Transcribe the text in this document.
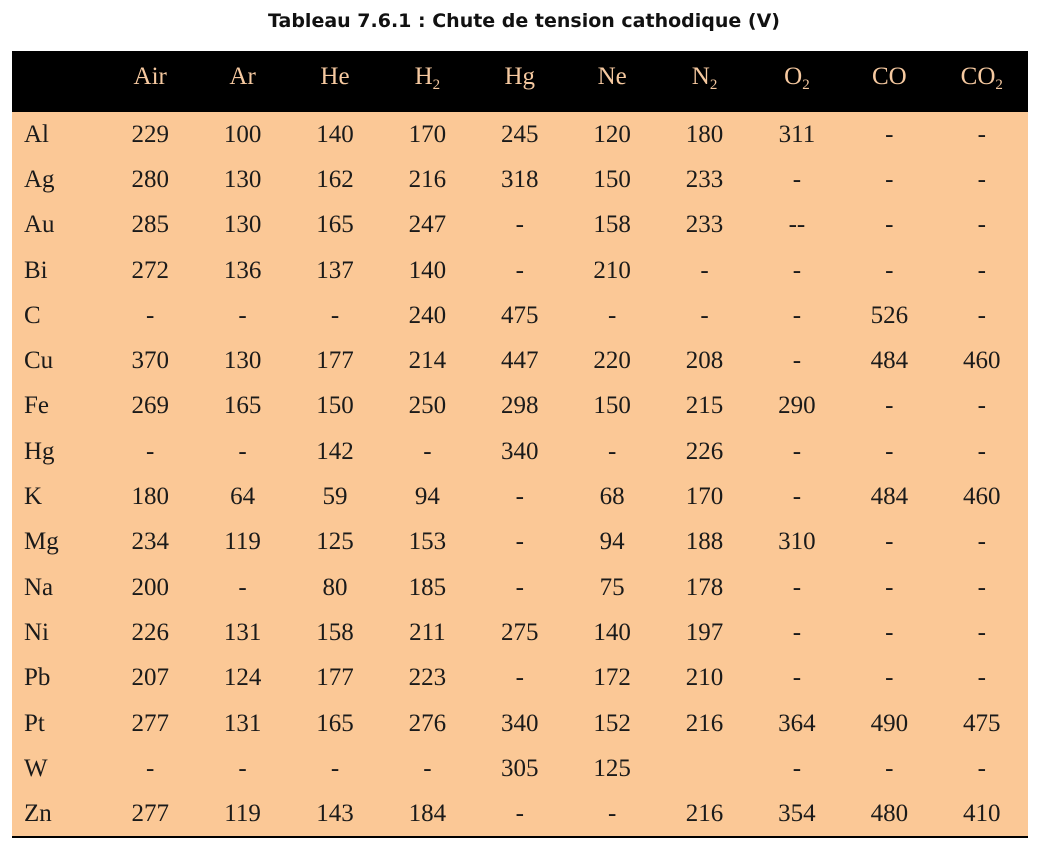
Tableau 7.6.1 : Chute de tension cathodique (V)
	Air	Ar	He	$H_2$	Hg	Ne	$N_2$	$O_2$	CO	$CO_2$
Al	229	100	140	170	245	120	180	311	-	-
Ag	280	130	162	216	318	150	233	-	-	-
Au	285	130	165	247	-	158	233	--	-	-
Bi	272	136	137	140	-	210	-	-	-	-
C	-	-	-	240	475	-	-	-	526	-
Cu	370	130	177	214	447	220	208	-	484	460
Fe	269	165	150	250	298	150	215	290	-	-
Hg	-	-	142	-	340	-	226	-	-	-
K	180	64	59	94	-	68	170	-	484	460
Mg	234	119	125	153	-	94	188	310	-	-
Na	200	-	80	185	-	75	178	-	-	-
Ni	226	131	158	211	275	140	197	-	-	-
Pb	207	124	177	223	-	172	210	-	-	-
Pt	277	131	165	276	340	152	216	364	490	475
W	-	-	-	-	305	125		-	-	-
Zn	277	119	143	184	-	-	216	354	480	410
